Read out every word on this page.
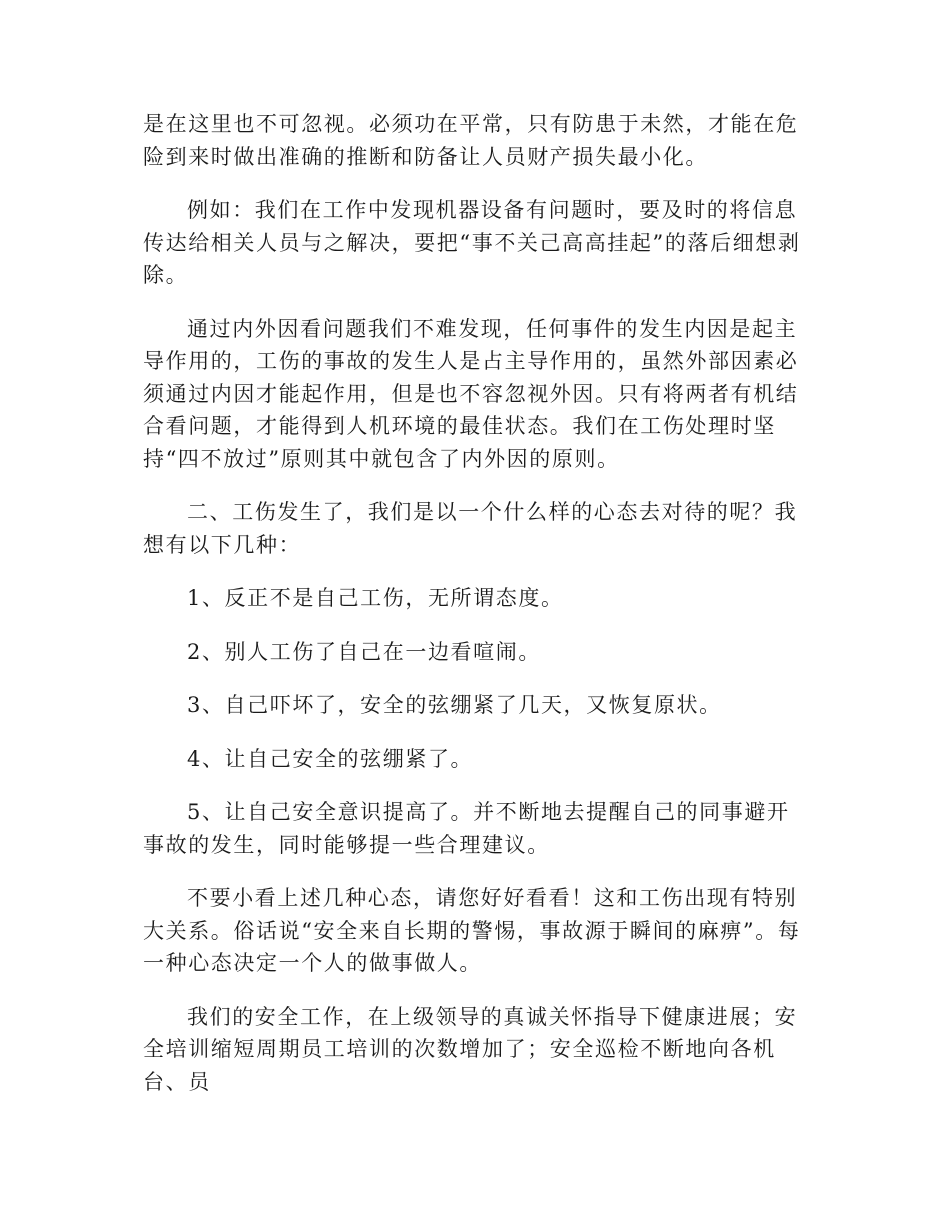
是在这里也不可忽视。必须功在平常，只有防患于未然，才能在危险到来时做出准确的推断和防备让人员财产损失最小化。

例如：我们在工作中发现机器设备有问题时，要及时的将信息传达给相关人员与之解决，要把“事不关己高高挂起”的落后细想剥除。

通过内外因看问题我们不难发现，任何事件的发生内因是起主导作用的，工伤的事故的发生人是占主导作用的，虽然外部因素必须通过内因才能起作用，但是也不容忽视外因。只有将两者有机结合看问题，才能得到人机环境的最佳状态。我们在工伤处理时坚持“四不放过”原则其中就包含了内外因的原则。

二、工伤发生了，我们是以一个什么样的心态去对待的呢？我想有以下几种：

1、反正不是自己工伤，无所谓态度。

2、别人工伤了自己在一边看喧闹。

3、自己吓坏了，安全的弦绷紧了几天，又恢复原状。

4、让自己安全的弦绷紧了。

5、让自己安全意识提高了。并不断地去提醒自己的同事避开事故的发生，同时能够提一些合理建议。

不要小看上述几种心态，请您好好看看！这和工伤出现有特别大关系。俗话说“安全来自长期的警惕，事故源于瞬间的麻痹”。每一种心态决定一个人的做事做人。

我们的安全工作，在上级领导的真诚关怀指导下健康进展；安全培训缩短周期员工培训的次数增加了；安全巡检不断地向各机台、员
